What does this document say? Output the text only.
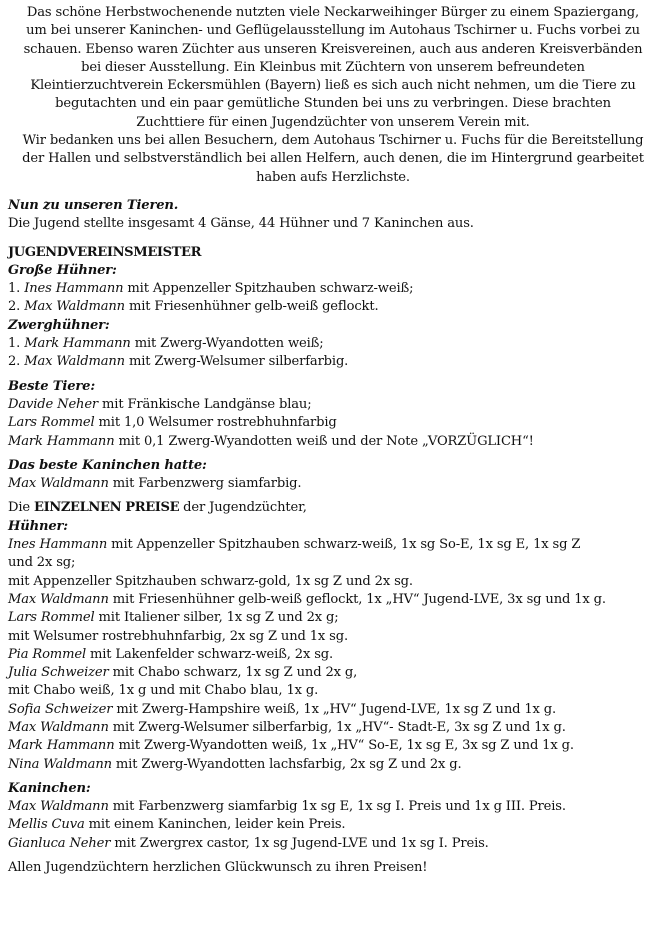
Das schöne Herbstwochenende nutzten viele Neckarweihinger Bürger zu einem Spaziergang,
um bei unserer Kaninchen- und Geflügelausstellung im Autohaus Tschirner u. Fuchs vorbei zu
schauen. Ebenso waren Züchter aus unseren Kreisvereinen, auch aus anderen Kreisverbänden
bei dieser Ausstellung. Ein Kleinbus mit Züchtern von unserem befreundeten
Kleintierzuchtverein Eckersmühlen (Bayern) ließ es sich auch nicht nehmen, um die Tiere zu
begutachten und ein paar gemütliche Stunden bei uns zu verbringen. Diese brachten
Zuchttiere für einen Jugendzüchter von unserem Verein mit.
Wir bedanken uns bei allen Besuchern, dem Autohaus Tschirner u. Fuchs für die Bereitstellung
der Hallen und selbstverständlich bei allen Helfern, auch denen, die im Hintergrund gearbeitet
haben aufs Herzlichste.
Nun zu unseren Tieren.
Die Jugend stellte insgesamt 4 Gänse, 44 Hühner und 7 Kaninchen aus.
JUGENDVEREINSMEISTER
Große Hühner:
1. Ines Hammann mit Appenzeller Spitzhauben schwarz-weiß;
2. Max Waldmann mit Friesenhühner gelb-weiß geflockt.
Zwerghühner:
1. Mark Hammann mit Zwerg-Wyandotten weiß;
2. Max Waldmann mit Zwerg-Welsumer silberfarbig.
Beste Tiere:
Davide Neher mit Fränkische Landgänse blau;
Lars Rommel mit 1,0 Welsumer rostrebhuhnfarbig
Mark Hammann mit 0,1 Zwerg-Wyandotten weiß und der Note „VORZÜGLICH“!
Das beste Kaninchen hatte:
Max Waldmann mit Farbenzwerg siamfarbig.
Die EINZELNEN PREISE der Jugendzüchter,
Hühner:
Ines Hammann mit Appenzeller Spitzhauben schwarz-weiß, 1x sg So-E, 1x sg E, 1x sg Z
und 2x sg;
mit Appenzeller Spitzhauben schwarz-gold, 1x sg Z und 2x sg.
Max Waldmann mit Friesenhühner gelb-weiß geflockt, 1x „HV“ Jugend-LVE, 3x sg und 1x g.
Lars Rommel mit Italiener silber, 1x sg Z und 2x g;
mit Welsumer rostrebhuhnfarbig, 2x sg Z und 1x sg.
Pia Rommel mit Lakenfelder schwarz-weiß, 2x sg.
Julia Schweizer mit Chabo schwarz, 1x sg Z und 2x g,
mit Chabo weiß, 1x g und mit Chabo blau, 1x g.
Sofia Schweizer mit Zwerg-Hampshire weiß, 1x „HV“ Jugend-LVE, 1x sg Z und 1x g.
Max Waldmann mit Zwerg-Welsumer silberfarbig, 1x „HV“- Stadt-E, 3x sg Z und 1x g.
Mark Hammann mit Zwerg-Wyandotten weiß, 1x „HV“ So-E, 1x sg E, 3x sg Z und 1x g.
Nina Waldmann mit Zwerg-Wyandotten lachsfarbig, 2x sg Z und 2x g.
Kaninchen:
Max Waldmann mit Farbenzwerg siamfarbig 1x sg E, 1x sg I. Preis und 1x g III. Preis.
Mellis Cuva mit einem Kaninchen, leider kein Preis.
Gianluca Neher mit Zwergrex castor, 1x sg Jugend-LVE und 1x sg I. Preis.
Allen Jugendzüchtern herzlichen Glückwunsch zu ihren Preisen!
